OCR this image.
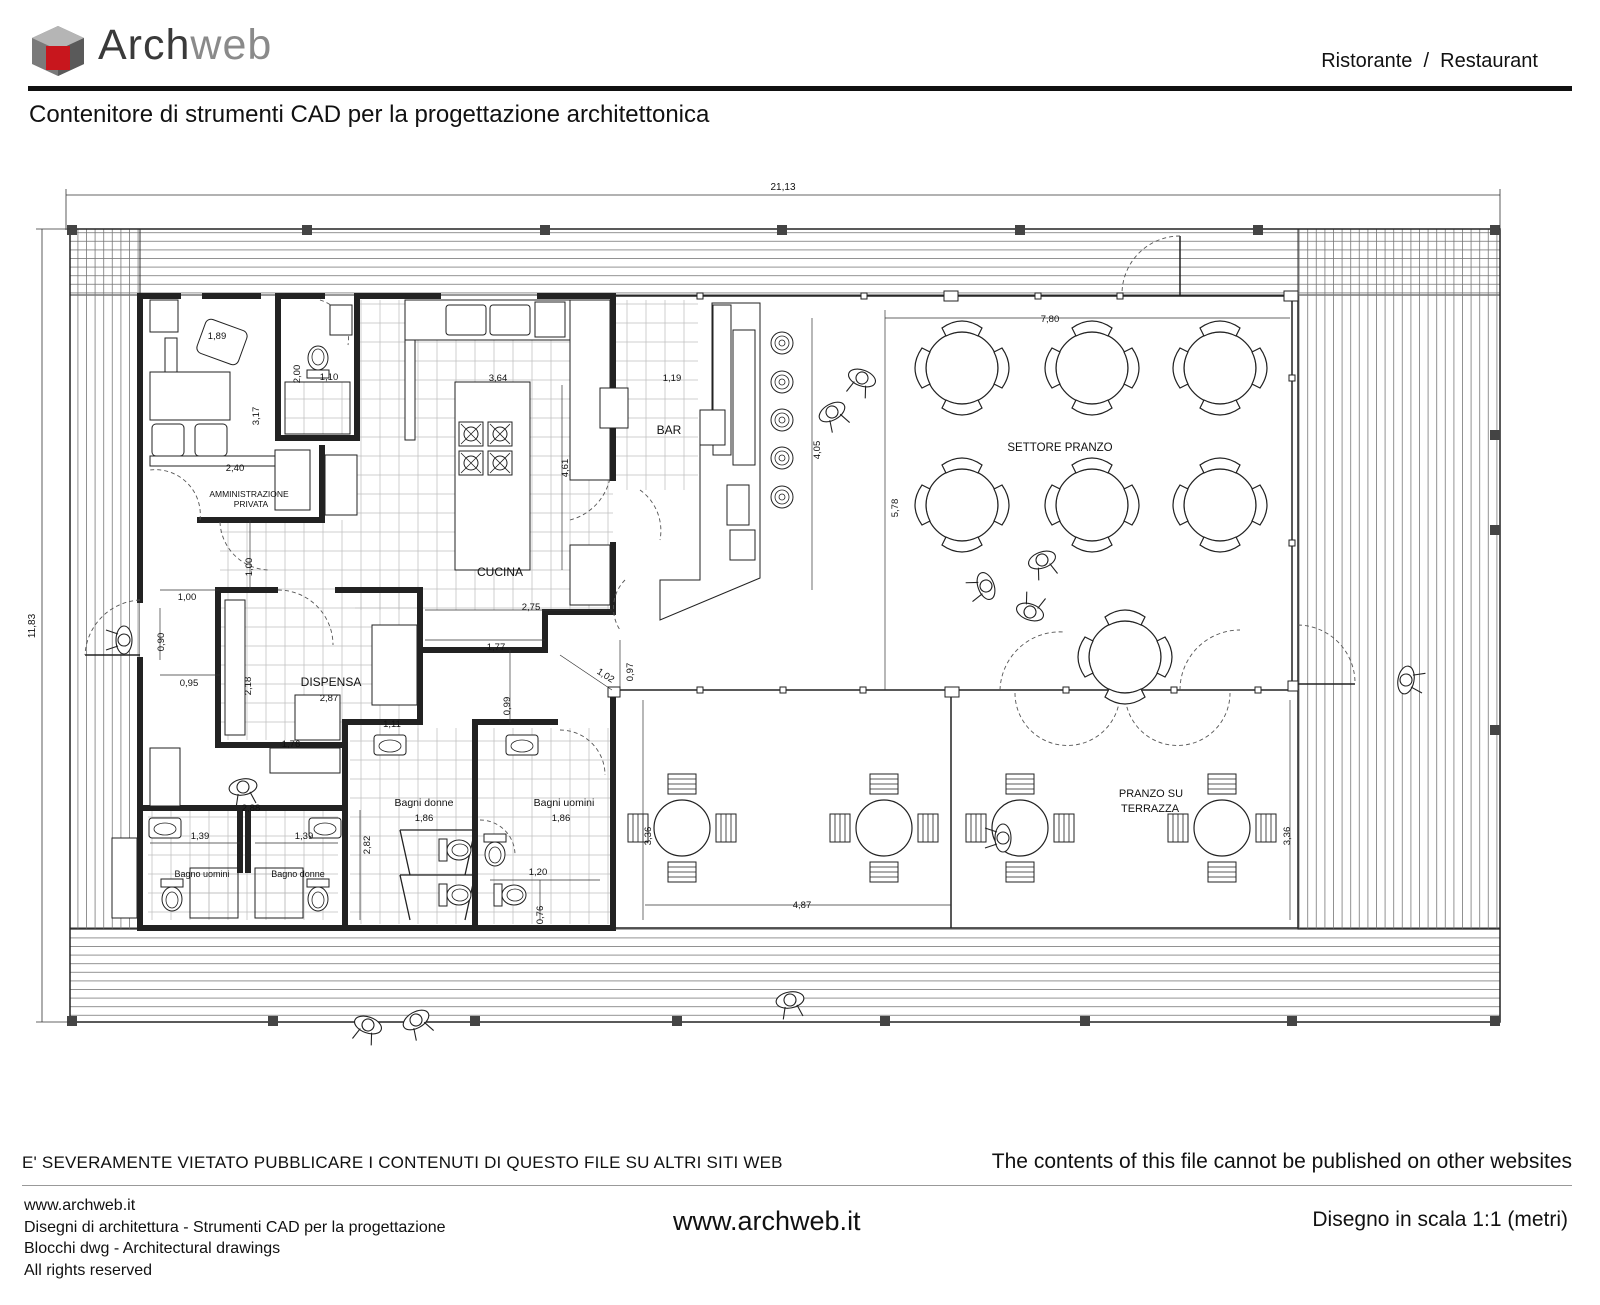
Archweb	Ristorante  /  Restaurant
Contenitore di strumenti CAD per la progettazione architettonica
21,13
11,83
AMMINISTRAZIONE
PRIVATA
CUCINA
BAR
DISPENSA
SETTORE PRANZO
PRANZO SU
TERRAZZA
Bagni donne	Bagni uomini
Bagno uomini	Bagno donne
1,89
3,17
2,40
2,00 1,10	3,64
4,61
1,19
4,05
7,80
5,78
1,00
1,00
0,90
0,95
2,75
1,77
1,02 0,97
2,18
2,87
1,76
1,11
0,99
2,88
1,39	1,39	2,82
1,86	1,86
1,20
0,76
3,36	3,36
4,87
E' SEVERAMENTE VIETATO PUBBLICARE I CONTENUTI DI QUESTO FILE SU ALTRI SITI WEB	The contents of this file cannot be published on other websites
www.archweb.it
Disegni di architettura - Strumenti CAD per la progettazione
Blocchi dwg - Architectural drawings
All rights reserved
www.archweb.it	Disegno in scala 1:1 (metri)
